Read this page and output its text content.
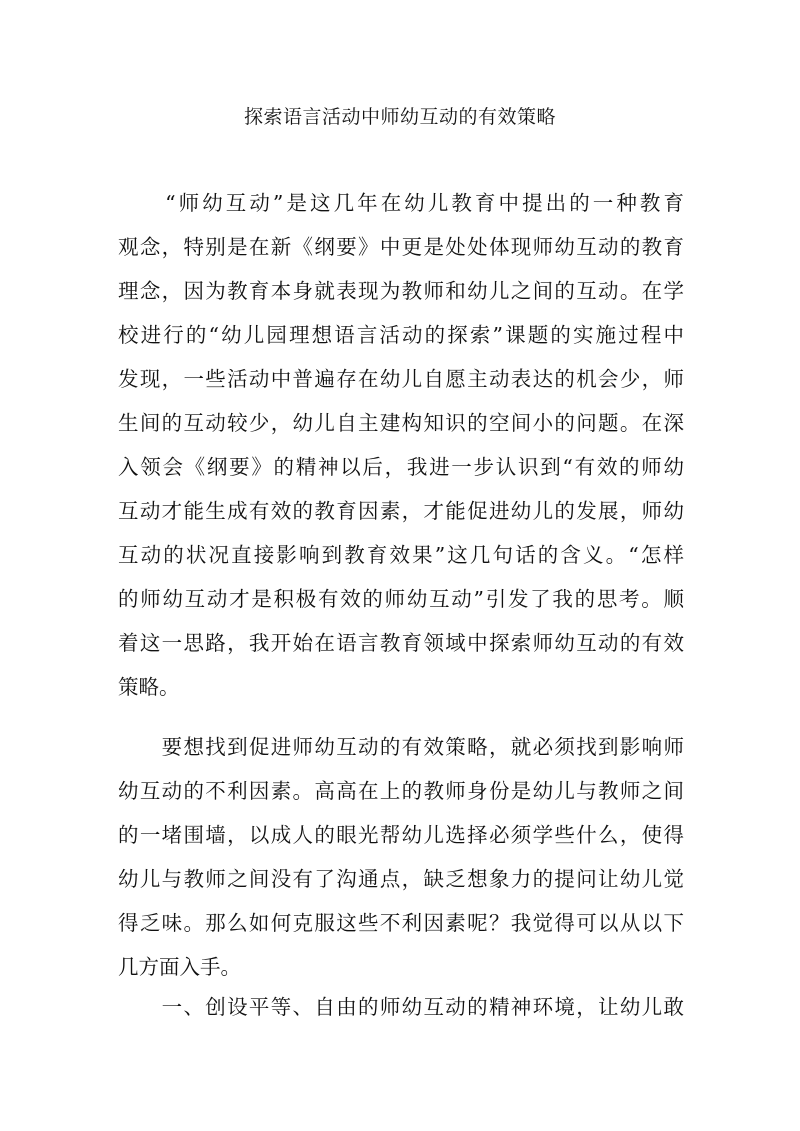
探索语言活动中师幼互动的有效策略
　　“师幼互动”是这几年在幼儿教育中提出的一种教育
观念，特别是在新《纲要》中更是处处体现师幼互动的教育
理念，因为教育本身就表现为教师和幼儿之间的互动。在学
校进行的“幼儿园理想语言活动的探索”课题的实施过程中
发现，一些活动中普遍存在幼儿自愿主动表达的机会少，师
生间的互动较少，幼儿自主建构知识的空间小的问题。在深
入领会《纲要》的精神以后，我进一步认识到“有效的师幼
互动才能生成有效的教育因素，才能促进幼儿的发展，师幼
互动的状况直接影响到教育效果”这几句话的含义。“怎样
的师幼互动才是积极有效的师幼互动”引发了我的思考。顺
着这一思路，我开始在语言教育领域中探索师幼互动的有效
策略。
　　要想找到促进师幼互动的有效策略，就必须找到影响师
幼互动的不利因素。高高在上的教师身份是幼儿与教师之间
的一堵围墙，以成人的眼光帮幼儿选择必须学些什么，使得
幼儿与教师之间没有了沟通点，缺乏想象力的提问让幼儿觉
得乏味。那么如何克服这些不利因素呢？我觉得可以从以下
几方面入手。
　　一、创设平等、自由的师幼互动的精神环境，让幼儿敢
